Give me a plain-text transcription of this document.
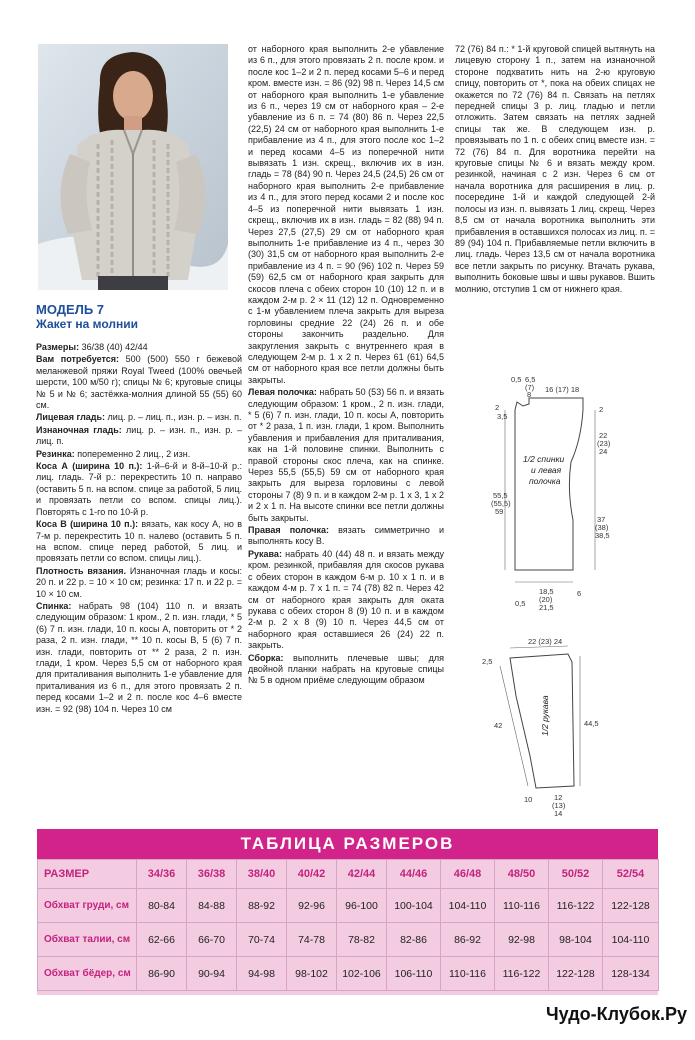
МОДЕЛЬ 7
Жакет на молнии

Размеры: 36/38 (40) 42/44

Вам потребуется: 500 (500) 550 г бежевой меланжевой пряжи Royal Tweed (100% овечьей шерсти, 100 м/50 г); спицы № 6; круговые спицы № 5 и № 6; застёжка-молния длиной 55 (55) 60 см.

Лицевая гладь: лиц. р. – лиц. п., изн. р. – изн. п.

Изнаночная гладь: лиц. р. – изн. п., изн. р. – лиц. п.

Резинка: попеременно 2 лиц., 2 изн.

Коса А (ширина 10 п.): 1-й–6-й и 8-й–10-й р.: лиц. гладь. 7-й р.: перекрестить 10 п. направо (оставить 5 п. на вспом. спице за работой, 5 лиц. и провязать петли со вспом. спицы лиц.). Повторять с 1-го по 10-й р.

Коса В (ширина 10 п.): вязать, как косу А, но в 7-м р. перекрестить 10 п. налево (оставить 5 п. на вспом. спице перед работой, 5 лиц. и провязать петли со вспом. спицы лиц.).

Плотность вязания. Изнаночная гладь и косы: 20 п. и 22 р. = 10 × 10 см; резинка: 17 п. и 22 р. = 10 × 10 см.

Спинка: набрать 98 (104) 110 п. и вязать следующим образом: 1 кром., 2 п. изн. глади, * 5 (6) 7 п. изн. глади, 10 п. косы А, повторить от * 2 раза, 2 п. изн. глади, ** 10 п. косы В, 5 (6) 7 п. изн. глади, повторить от ** 2 раза, 2 п. изн. глади, 1 кром. Через 5,5 см от наборного края для приталивания выполнить 1-е убавление для приталивания из 6 п., для этого провязать 2 п. перед косами 1–2 и 2 п. после кос 4–6 вместе изн. = 92 (98) 104 п. Через 10 см

от наборного края выполнить 2-е убавление из 6 п., для этого провязать 2 п. после кром. и после кос 1–2 и 2 п. перед косами 5–6 и перед кром. вместе изн. = 86 (92) 98 п. Через 14,5 см от наборного края выполнить 1-е убавление из 6 п., через 19 см от наборного края – 2-е убавление из 6 п. = 74 (80) 86 п. Через 22,5 (22,5) 24 см от наборного края выполнить 1-е прибавление из 4 п., для этого после кос 1–2 и перед косами 4–5 из поперечной нити вывязать 1 изн. скрещ., включив их в изн. гладь = 78 (84) 90 п. Через 24,5 (24,5) 26 см от наборного края выполнить 2-е прибавление из 4 п., для этого перед косами 2 и после кос 4–5 из поперечной нити вывязать 1 изн. скрещ., включив их в изн. гладь = 82 (88) 94 п. Через 27,5 (27,5) 29 см от наборного края выполнить 1-е прибавление из 4 п., через 30 (30) 31,5 см от наборного края выполнить 2-е прибавление из 4 п. = 90 (96) 102 п. Через 59 (59) 62,5 см от наборного края закрыть для скосов плеча с обеих сторон 10 (10) 12 п. и в каждом 2-м р. 2 × 11 (12) 12 п. Одновременно с 1-м убавлением плеча закрыть для выреза горловины средние 22 (24) 26 п. и обе стороны закончить раздельно. Для закругления закрыть с внутреннего края в следующем 2-м р. 1 х 2 п. Через 61 (61) 64,5 см от наборного края все петли должны быть закрыты.

Левая полочка: набрать 50 (53) 56 п. и вязать следующим образом: 1 кром., 2 п. изн. глади, * 5 (6) 7 п. изн. глади, 10 п. косы А, повторить от * 2 раза, 1 п. изн. глади, 1 кром. Выполнить убавления и прибавления для приталивания, как на 1-й половине спинки. Выполнить с правой стороны скос плеча, как на спинке. Через 55,5 (55,5) 59 см от наборного края закрыть для выреза горловины с левой стороны 7 (8) 9 п. и в каждом 2-м р. 1 х 3, 1 х 2 и 2 х 1 п. На высоте спинки все петли должны быть закрыты.

Правая полочка: вязать симметрично и выполнять косу В.

Рукава: набрать 40 (44) 48 п. и вязать между кром. резинкой, прибавляя для скосов рукава с обеих сторон в каждом 6-м р. 10 х 1 п. и в каждом 4-м р. 7 х 1 п. = 74 (78) 82 п. Через 42 см от наборного края закрыть для оката рукава с обеих сторон 8 (9) 10 п. и в каждом 2-м р. 2 х 8 (9) 10 п. Через 44,5 см от наборного края оставшиеся 26 (24) 22 п. закрыть.

Сборка: выполнить плечевые швы; для двойной планки набрать на круговые спицы № 5 в одном приёме следующим образом

72 (76) 84 п.: * 1-й круговой спицей вытянуть на лицевую сторону 1 п., затем на изнаночной стороне подхватить нить на 2-ю круговую спицу, повторить от *, пока на обеих спицах не окажется по 72 (76) 84 п. Связать на петлях передней спицы 3 р. лиц. гладью и петли отложить. Затем связать на петлях задней спицы так же. В следующем изн. р. провязывать по 1 п. с обеих спиц вместе изн. = 72 (76) 84 п. Для воротника перейти на круговые спицы № 6 и вязать между кром. резинкой, начиная с 2 изн. Через 6 см от начала воротника для расширения в лиц. р. посередине 1-й и каждой следующей 2-й полосы из изн. п. вывязать 1 лиц. скрещ. Через 8,5 см от начала воротника выполнить эти прибавления в оставшихся полосах из лиц. п. = 89 (94) 104 п. Прибавляемые петли включить в лиц. гладь. Через 13,5 см от начала воротника все петли закрыть по рисунку. Втачать рукава, выполнить боковые швы и швы рукавов. Вшить молнию, отступив 1 см от нижнего края.

0,5 6,5
(7)
8
16 (17) 18
2
3,5
2
22
(23)
24
1/2 спинки
и левая
полочка
55,5
(55,5)
59
37
(38)
38,5
18,5
(20)
21,5
0,5
6
22 (23) 24
2,5
1/2 рукава
42	44,5
10	12
(13)
14
ТАБЛИЦА РАЗМЕРОВ
РАЗМЕР	34/36	36/38	38/40	40/42	42/44	44/46	46/48	48/50	50/52	52/54
Обхват груди, см	80-84	84-88	88-92	92-96	96-100	100-104	104-110	110-116	116-122	122-128
Обхват талии, см	62-66	66-70	70-74	74-78	78-82	82-86	86-92	92-98	98-104	104-110
Обхват бёдер, см	86-90	90-94	94-98	98-102	102-106	106-110	110-116	116-122	122-128	128-134
Чудо-Клубок.Ру
